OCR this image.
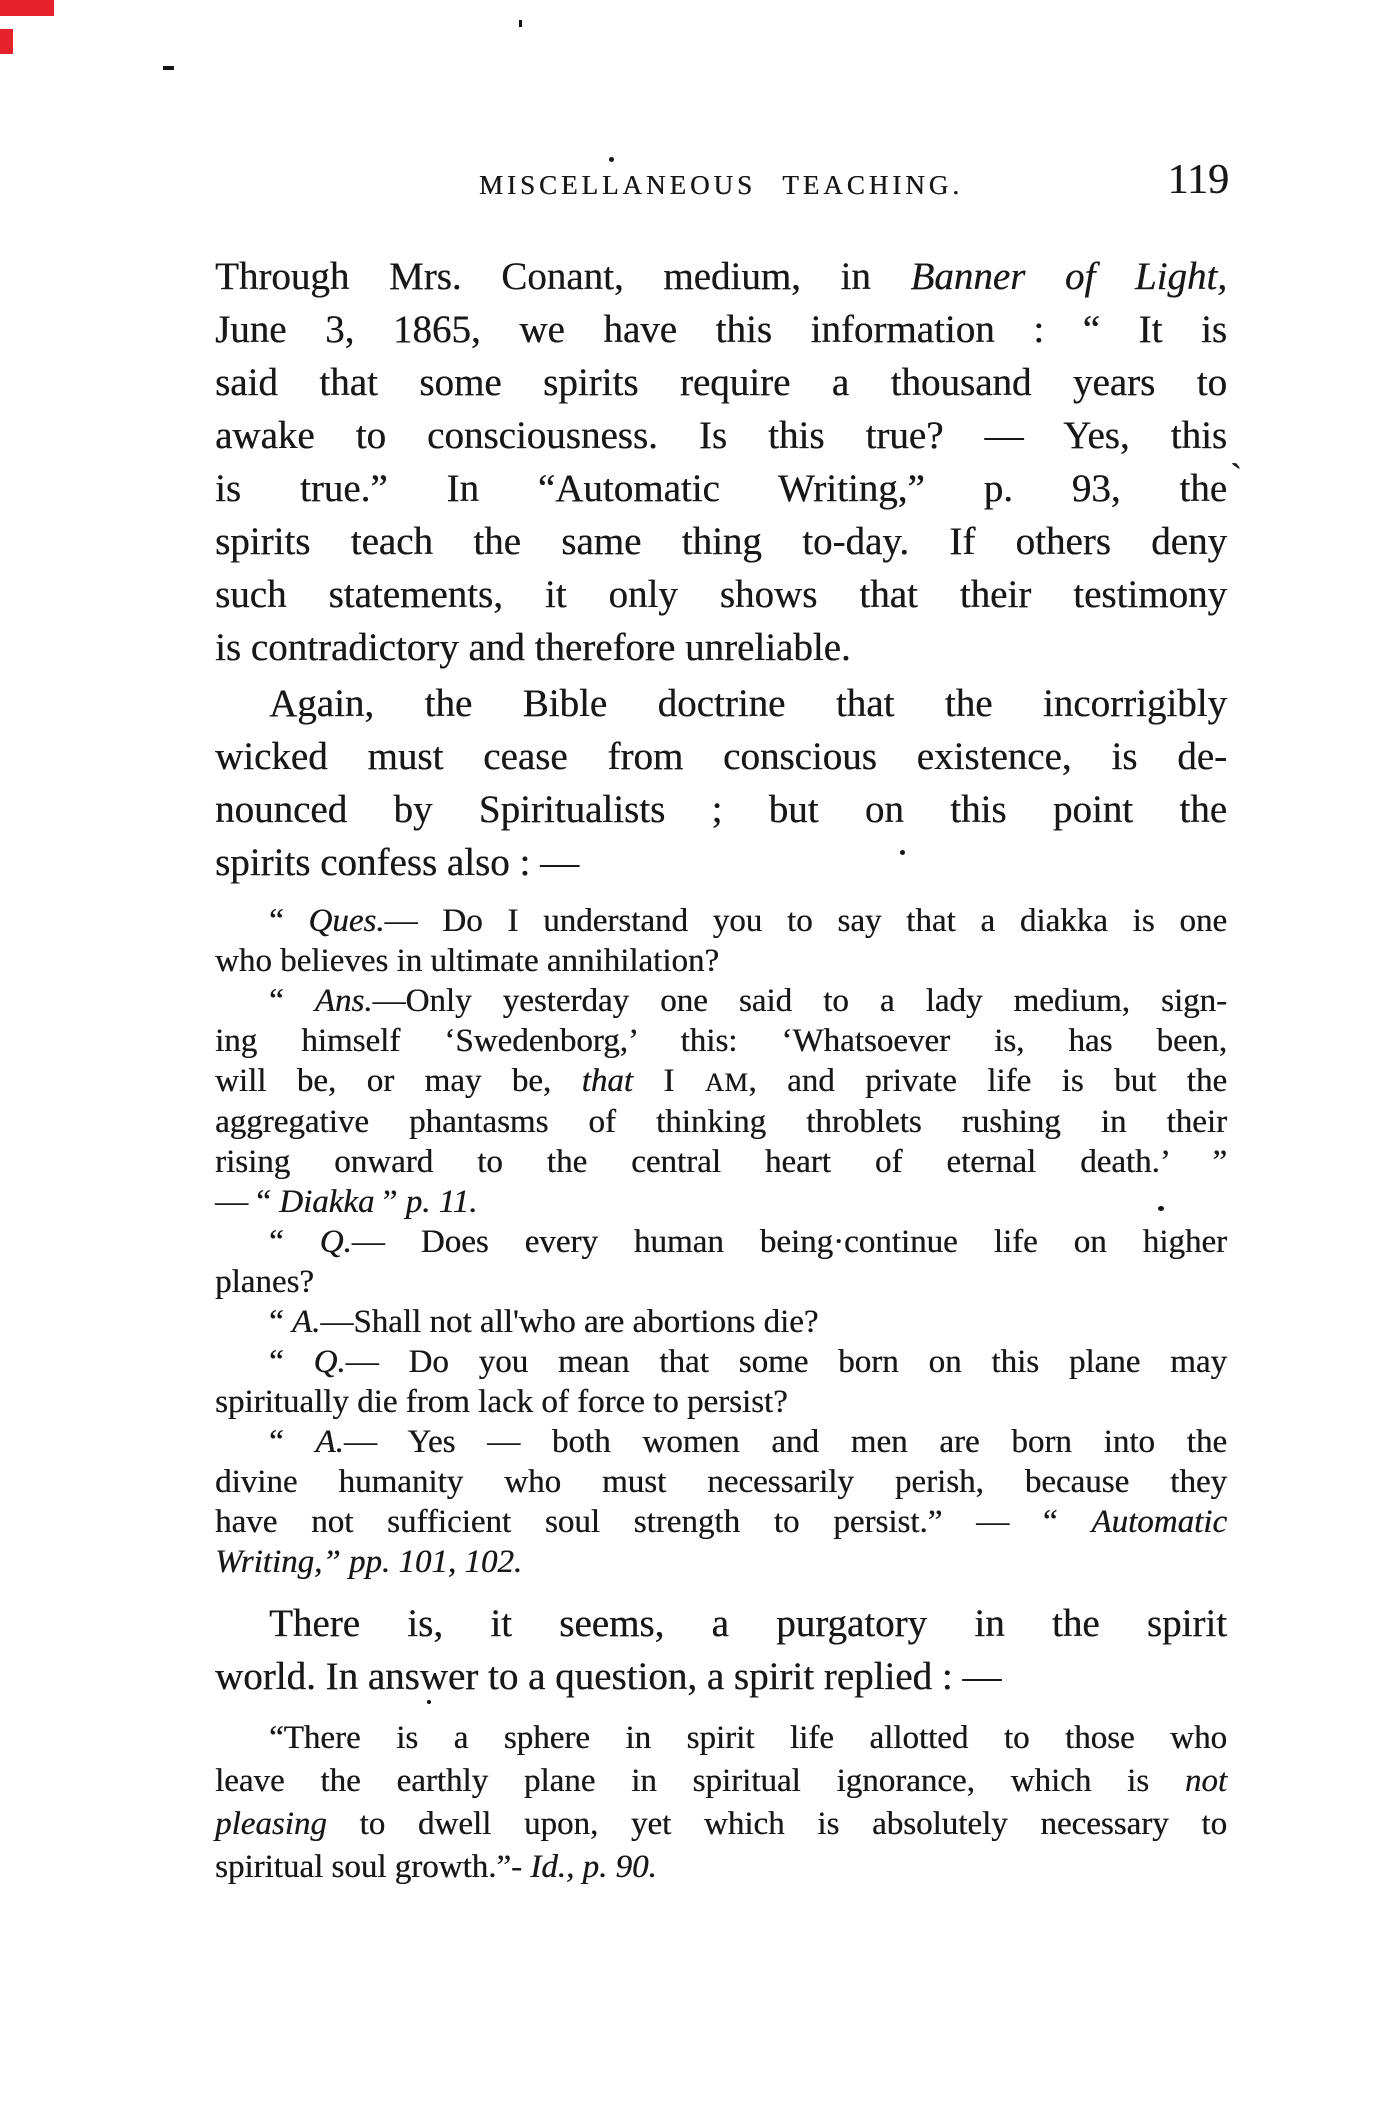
`
MISCELLANEOUS TEACHING.	119
Through Mrs. Conant, medium, in Banner of Light,
June 3, 1865, we have this information : “ It is
said that some spirits require a thousand years to
awake to consciousness. Is this true? — Yes, this
is true.” In “Automatic Writing,” p. 93, the
spirits teach the same thing to-day. If others deny
such statements, it only shows that their testimony
is contradictory and therefore unreliable.
Again, the Bible doctrine that the incorrigibly
wicked must cease from conscious existence, is de-
nounced by Spiritualists ; but on this point the
spirits confess also : —
“ Ques.— Do I understand you to say that a diakka is one
who believes in ultimate annihilation?
“ Ans.—Only yesterday one said to a lady medium, sign-
ing himself ‘Swedenborg,’ this: ‘Whatsoever is, has been,
will be, or may be, that I AM, and private life is but the
aggregative phantasms of thinking throblets rushing in their
rising onward to the central heart of eternal death.’ ”
— “ Diakka ” p. 11.
“ Q.— Does every human being·continue life on higher
planes?
“ A.—Shall not all'who are abortions die?
“ Q.— Do you mean that some born on this plane may
spiritually die from lack of force to persist?
“ A.— Yes — both women and men are born into the
divine humanity who must necessarily perish, because they
have not sufficient soul strength to persist.” — “ Automatic
Writing,” pp. 101, 102.
There is, it seems, a purgatory in the spirit
world. In answer to a question, a spirit replied : —
“There is a sphere in spirit life allotted to those who
leave the earthly plane in spiritual ignorance, which is not
pleasing to dwell upon, yet which is absolutely necessary to
spiritual soul growth.”- Id., p. 90.
